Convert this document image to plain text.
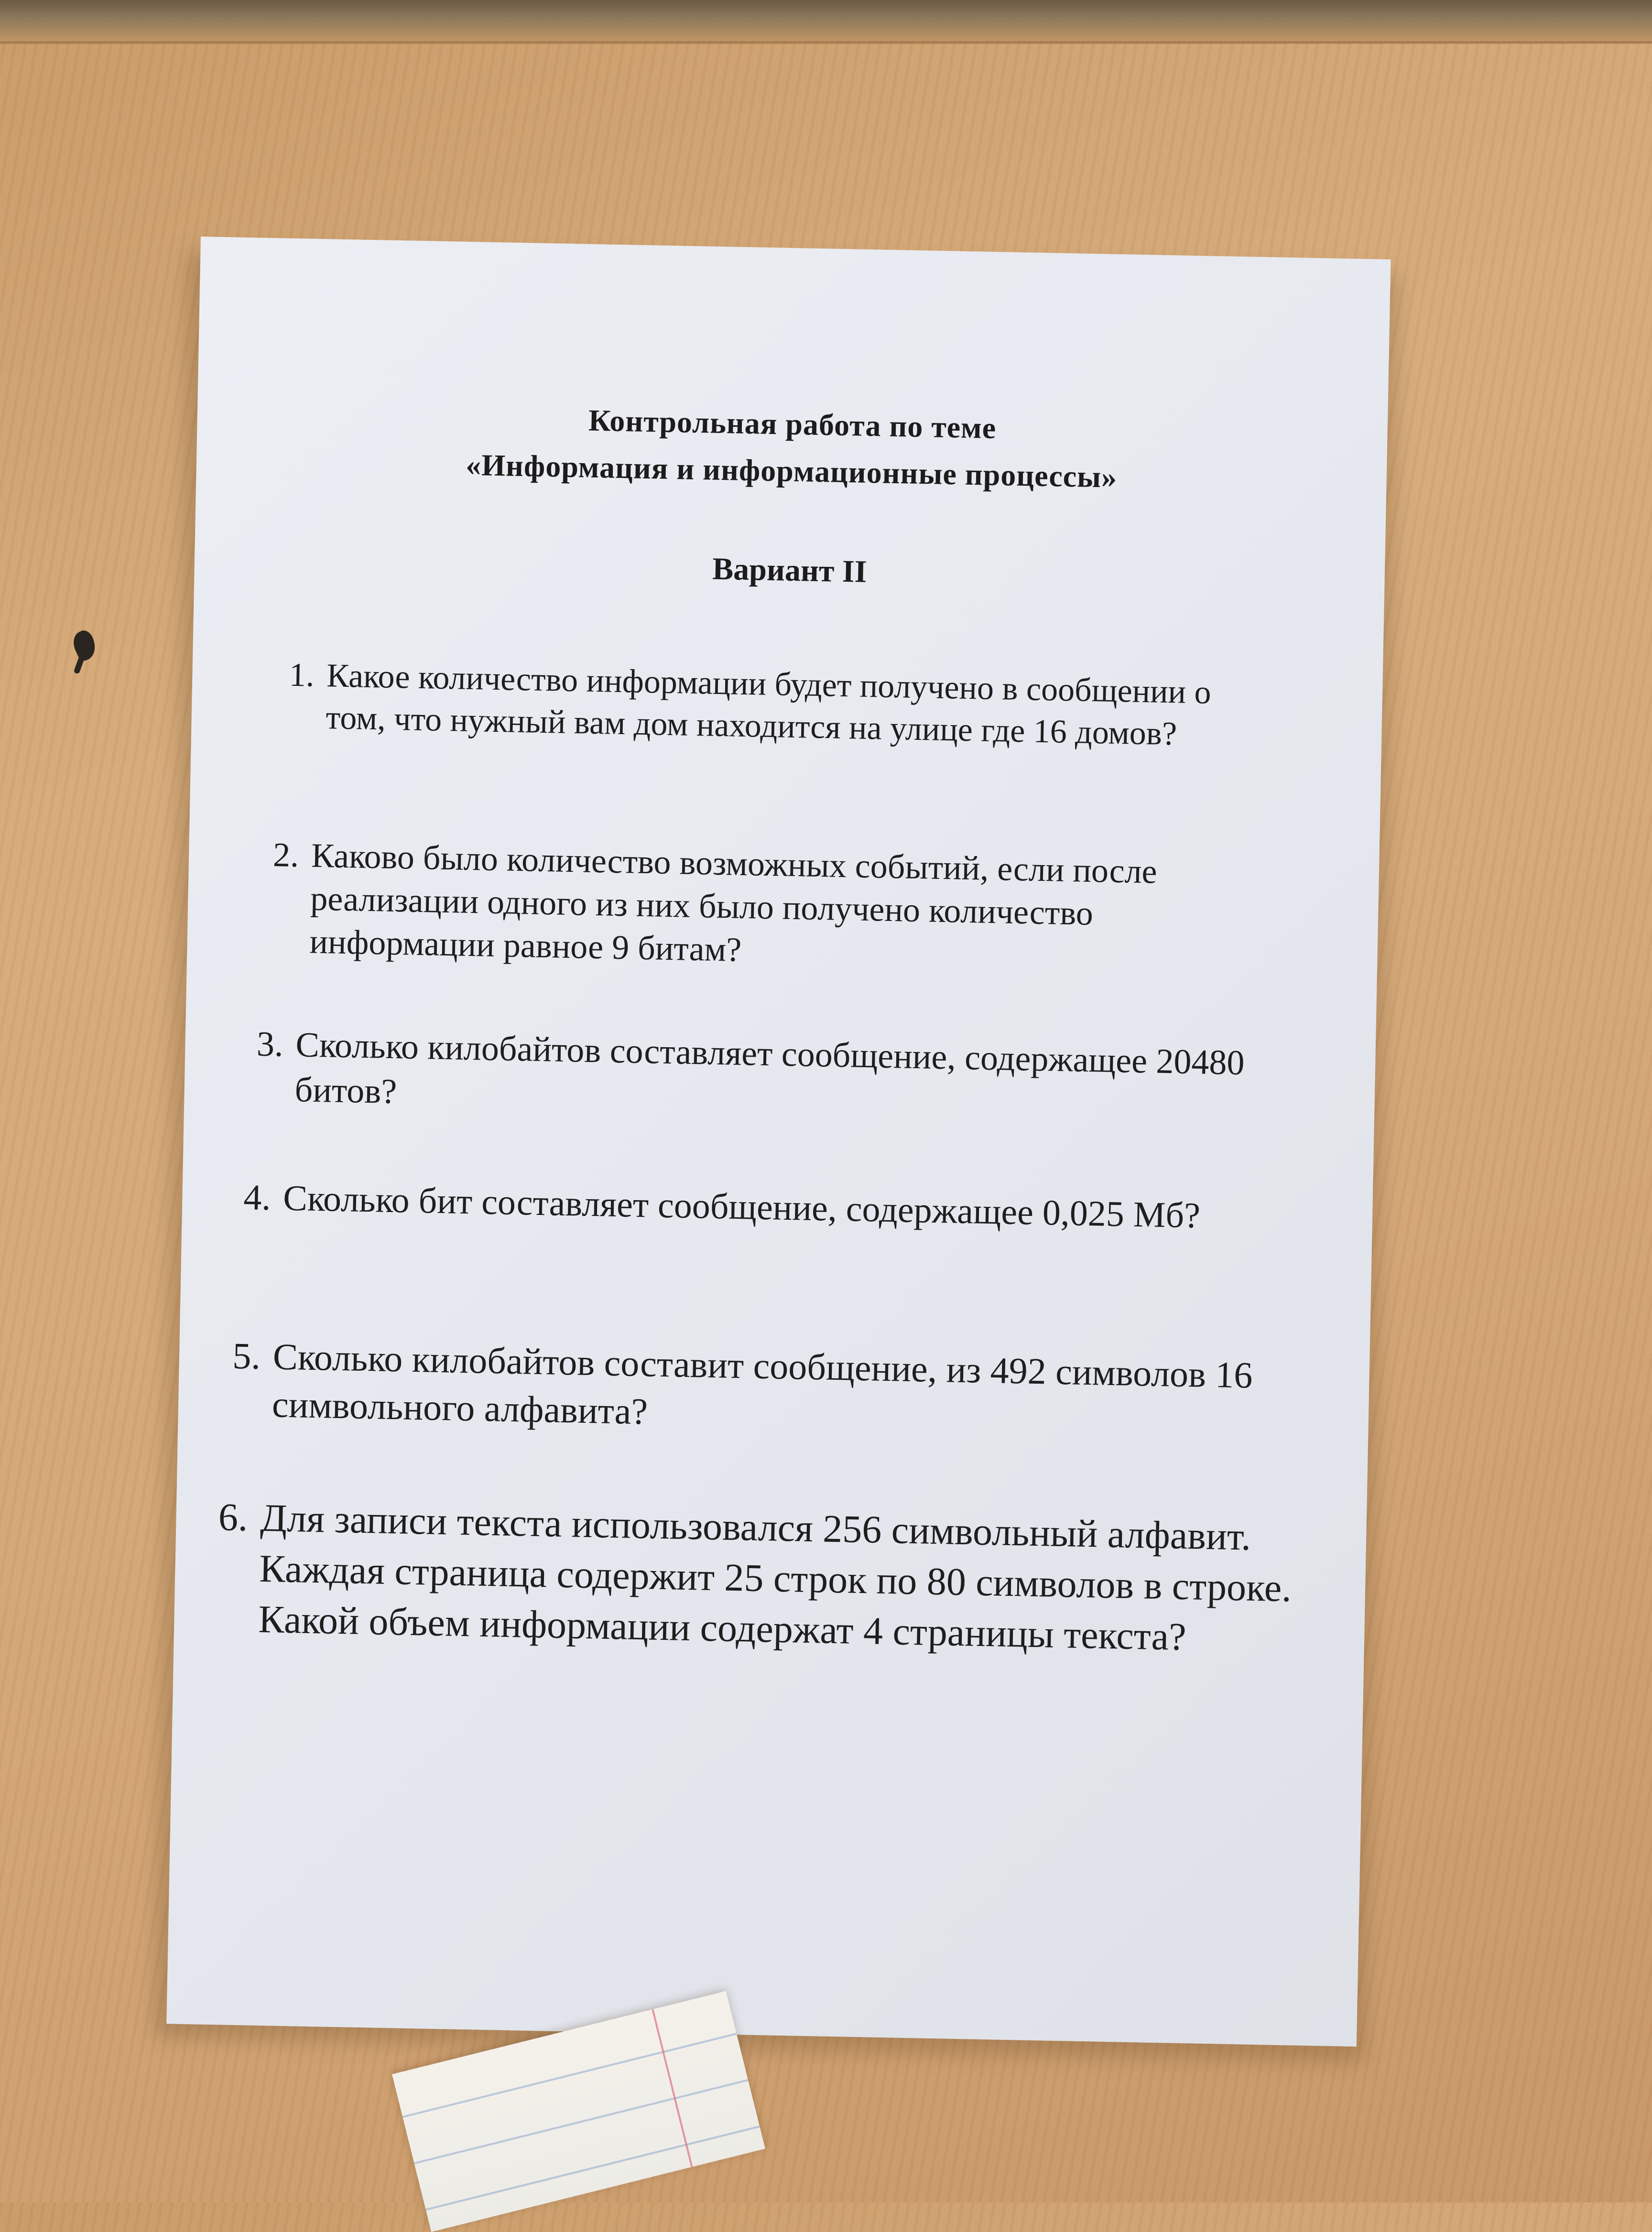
Контрольная работа по теме
«Информация и информационные процессы»
Вариант II
1. Какое количество информации будет получено в сообщении о том, что нужный вам дом находится на улице где 16 домов?
2. Каково было количество возможных событий, если после реализации одного из них было получено количество информации равное 9 битам?
3. Сколько килобайтов составляет сообщение, содержащее 20480 битов?
4. Сколько бит составляет сообщение, содержащее 0,025 Мб?
5. Сколько килобайтов составит сообщение, из 492 символов 16 символьного алфавита?
6. Для записи текста использовался 256 символьный алфавит. Каждая страница содержит 25 строк по 80 символов в строке. Какой объем информации содержат 4 страницы текста?
